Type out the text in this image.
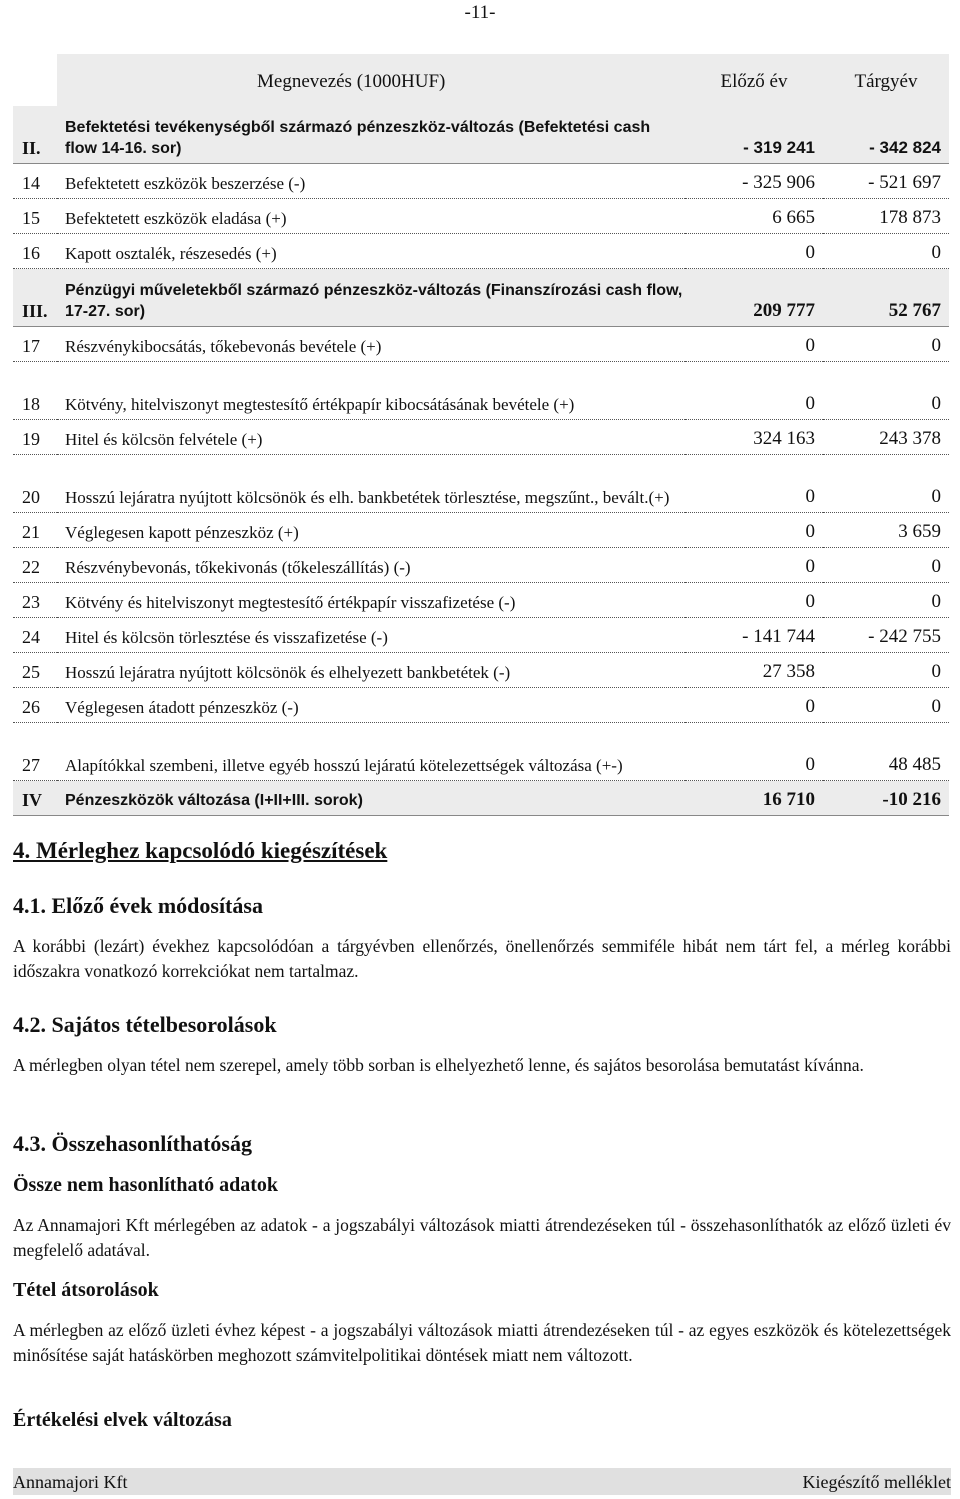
-11-
	Megnevezés (1000HUF)	Előző év	Tárgyév
II.	Befektetési tevékenységből származó pénzeszköz-változás (Befektetési cash flow 14-16. sor)	- 319 241	- 342 824
14	Befektetett eszközök beszerzése (-)	- 325 906	- 521 697
15	Befektetett eszközök eladása (+)	6 665	178 873
16	Kapott osztalék, részesedés (+)	0	0
III.	Pénzügyi műveletekből származó pénzeszköz-változás (Finanszírozási cash flow, 17-27. sor)	209 777	52 767
17	Részvénykibocsátás, tőkebevonás bevétele (+)	0	0
18	Kötvény, hitelviszonyt megtestesítő értékpapír kibocsátásának bevétele (+)	0	0
19	Hitel és kölcsön felvétele (+)	324 163	243 378
20	Hosszú lejáratra nyújtott kölcsönök és elh. bankbetétek törlesztése, megszűnt., bevált.(+)	0	0
21	Véglegesen kapott pénzeszköz (+)	0	3 659
22	Részvénybevonás, tőkekivonás (tőkeleszállítás) (-)	0	0
23	Kötvény és hitelviszonyt megtestesítő értékpapír visszafizetése (-)	0	0
24	Hitel és kölcsön törlesztése és visszafizetése (-)	- 141 744	- 242 755
25	Hosszú lejáratra nyújtott kölcsönök és elhelyezett bankbetétek (-)	27 358	0
26	Véglegesen átadott pénzeszköz (-)	0	0
27	Alapítókkal szembeni, illetve egyéb hosszú lejáratú kötelezettségek változása (+-)	0	48 485
IV	Pénzeszközök változása (I+II+III. sorok)	16 710	-10 216
4. Mérleghez kapcsolódó kiegészítések
4.1. Előző évek módosítása

A korábbi (lezárt) évekhez kapcsolódóan a tárgyévben ellenőrzés, önellenőrzés semmiféle hibát nem tárt fel, a mérleg korábbi időszakra vonatkozó korrekciókat nem tartalmaz.

4.2. Sajátos tételbesorolások

A mérlegben olyan tétel nem szerepel, amely több sorban is elhelyezhető lenne, és sajátos besorolása bemutatást kívánna.

4.3. Összehasonlíthatóság
Össze nem hasonlítható adatok

Az Annamajori Kft mérlegében az adatok - a jogszabályi változások miatti átrendezéseken túl - összehasonlíthatók az előző üzleti év megfelelő adatával.

Tétel átsorolások

A mérlegben az előző üzleti évhez képest - a jogszabályi változások miatti átrendezéseken túl - az egyes eszközök és kötelezettségek minősítése saját hatáskörben meghozott számvitelpolitikai döntések miatt nem változott.

Értékelési elvek változása
Annamajori Kft	Kiegészítő melléklet
